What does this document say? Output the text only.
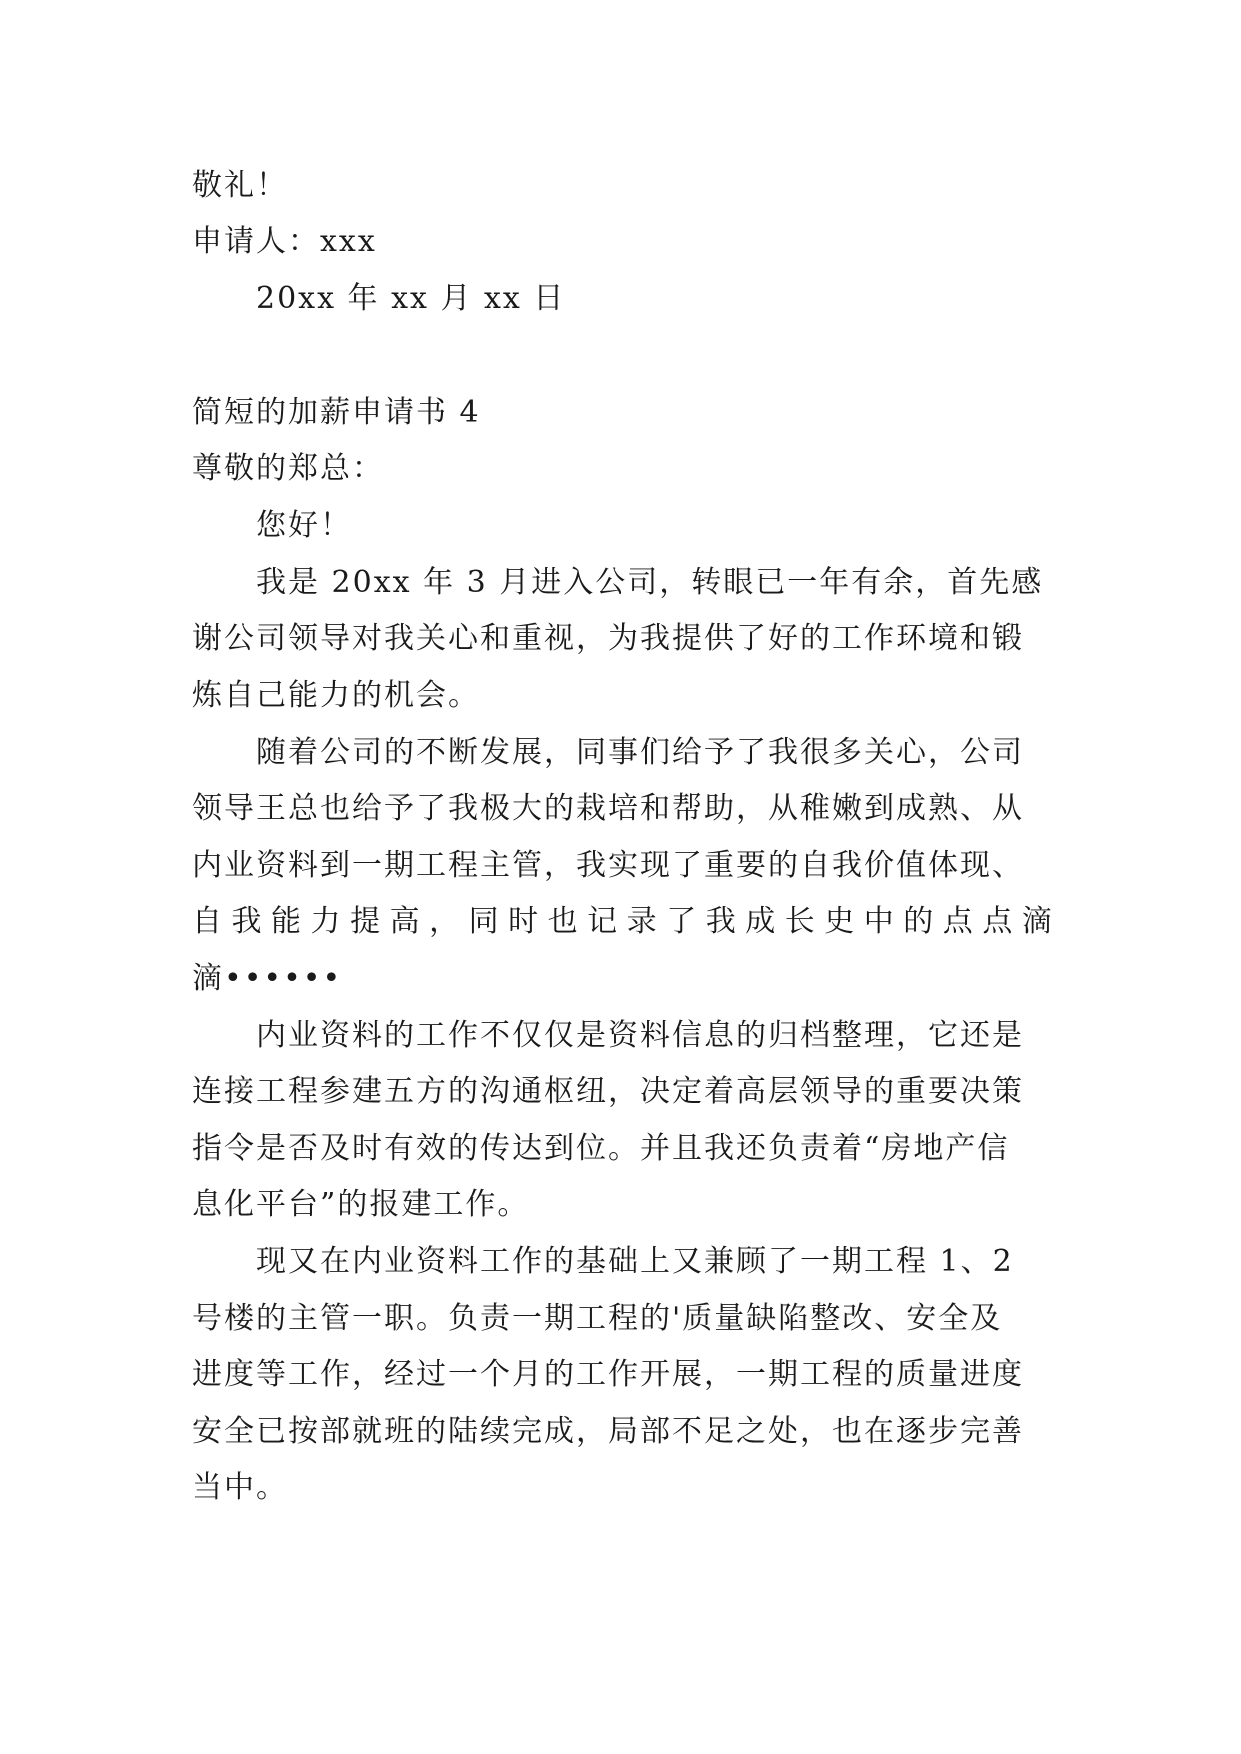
敬礼！
申请人：xxx
20xx 年 xx 月 xx 日
简短的加薪申请书 4
尊敬的郑总：
您好！
我是 20xx 年 3 月进入公司，转眼已一年有余，首先感
谢公司领导对我关心和重视，为我提供了好的工作环境和锻
炼自己能力的机会。
随着公司的不断发展，同事们给予了我很多关心，公司
领导王总也给予了我极大的栽培和帮助，从稚嫩到成熟、从
内业资料到一期工程主管，我实现了重要的自我价值体现、
自 我 能 力 提 高 ， 同 时 也 记 录 了 我 成 长 史 中 的 点 点 滴
滴••••••
内业资料的工作不仅仅是资料信息的归档整理，它还是
连接工程参建五方的沟通枢纽，决定着高层领导的重要决策
指令是否及时有效的传达到位。并且我还负责着“房地产信
息化平台”的报建工作。
现又在内业资料工作的基础上又兼顾了一期工程 1、2
号楼的主管一职。负责一期工程的'质量缺陷整改、安全及
进度等工作，经过一个月的工作开展，一期工程的质量进度
安全已按部就班的陆续完成，局部不足之处，也在逐步完善
当中。
